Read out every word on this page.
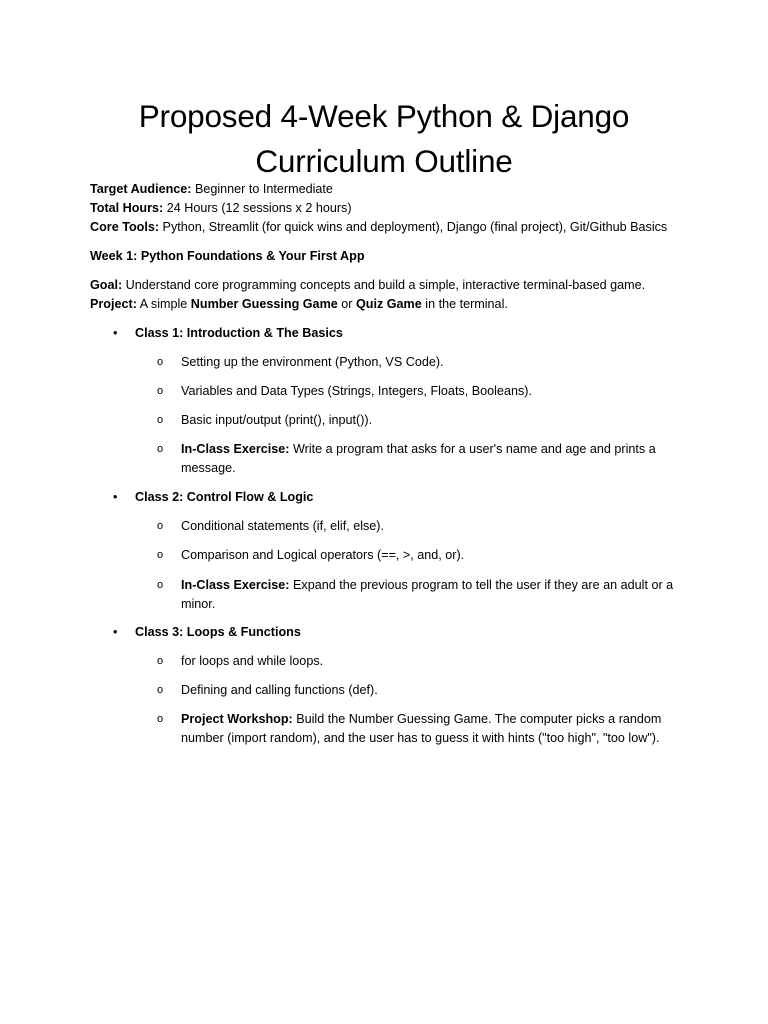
Proposed 4-Week Python & Django
Curriculum Outline
Target Audience: Beginner to Intermediate
Total Hours: 24 Hours (12 sessions x 2 hours)
Core Tools: Python, Streamlit (for quick wins and deployment), Django (final project), Git/Github Basics
Week 1: Python Foundations & Your First App
Goal: Understand core programming concepts and build a simple, interactive terminal-based game.
Project: A simple Number Guessing Game or Quiz Game in the terminal.
• Class 1: Introduction & The Basics
o Setting up the environment (Python, VS Code).
o Variables and Data Types (Strings, Integers, Floats, Booleans).
o Basic input/output (print(), input()).
o In-Class Exercise: Write a program that asks for a user's name and age and prints a message.
• Class 2: Control Flow & Logic
o Conditional statements (if, elif, else).
o Comparison and Logical operators (==, >, and, or).
o In-Class Exercise: Expand the previous program to tell the user if they are an adult or a minor.
• Class 3: Loops & Functions
o for loops and while loops.
o Defining and calling functions (def).
o Project Workshop: Build the Number Guessing Game. The computer picks a random number (import random), and the user has to guess it with hints ("too high", "too low").
